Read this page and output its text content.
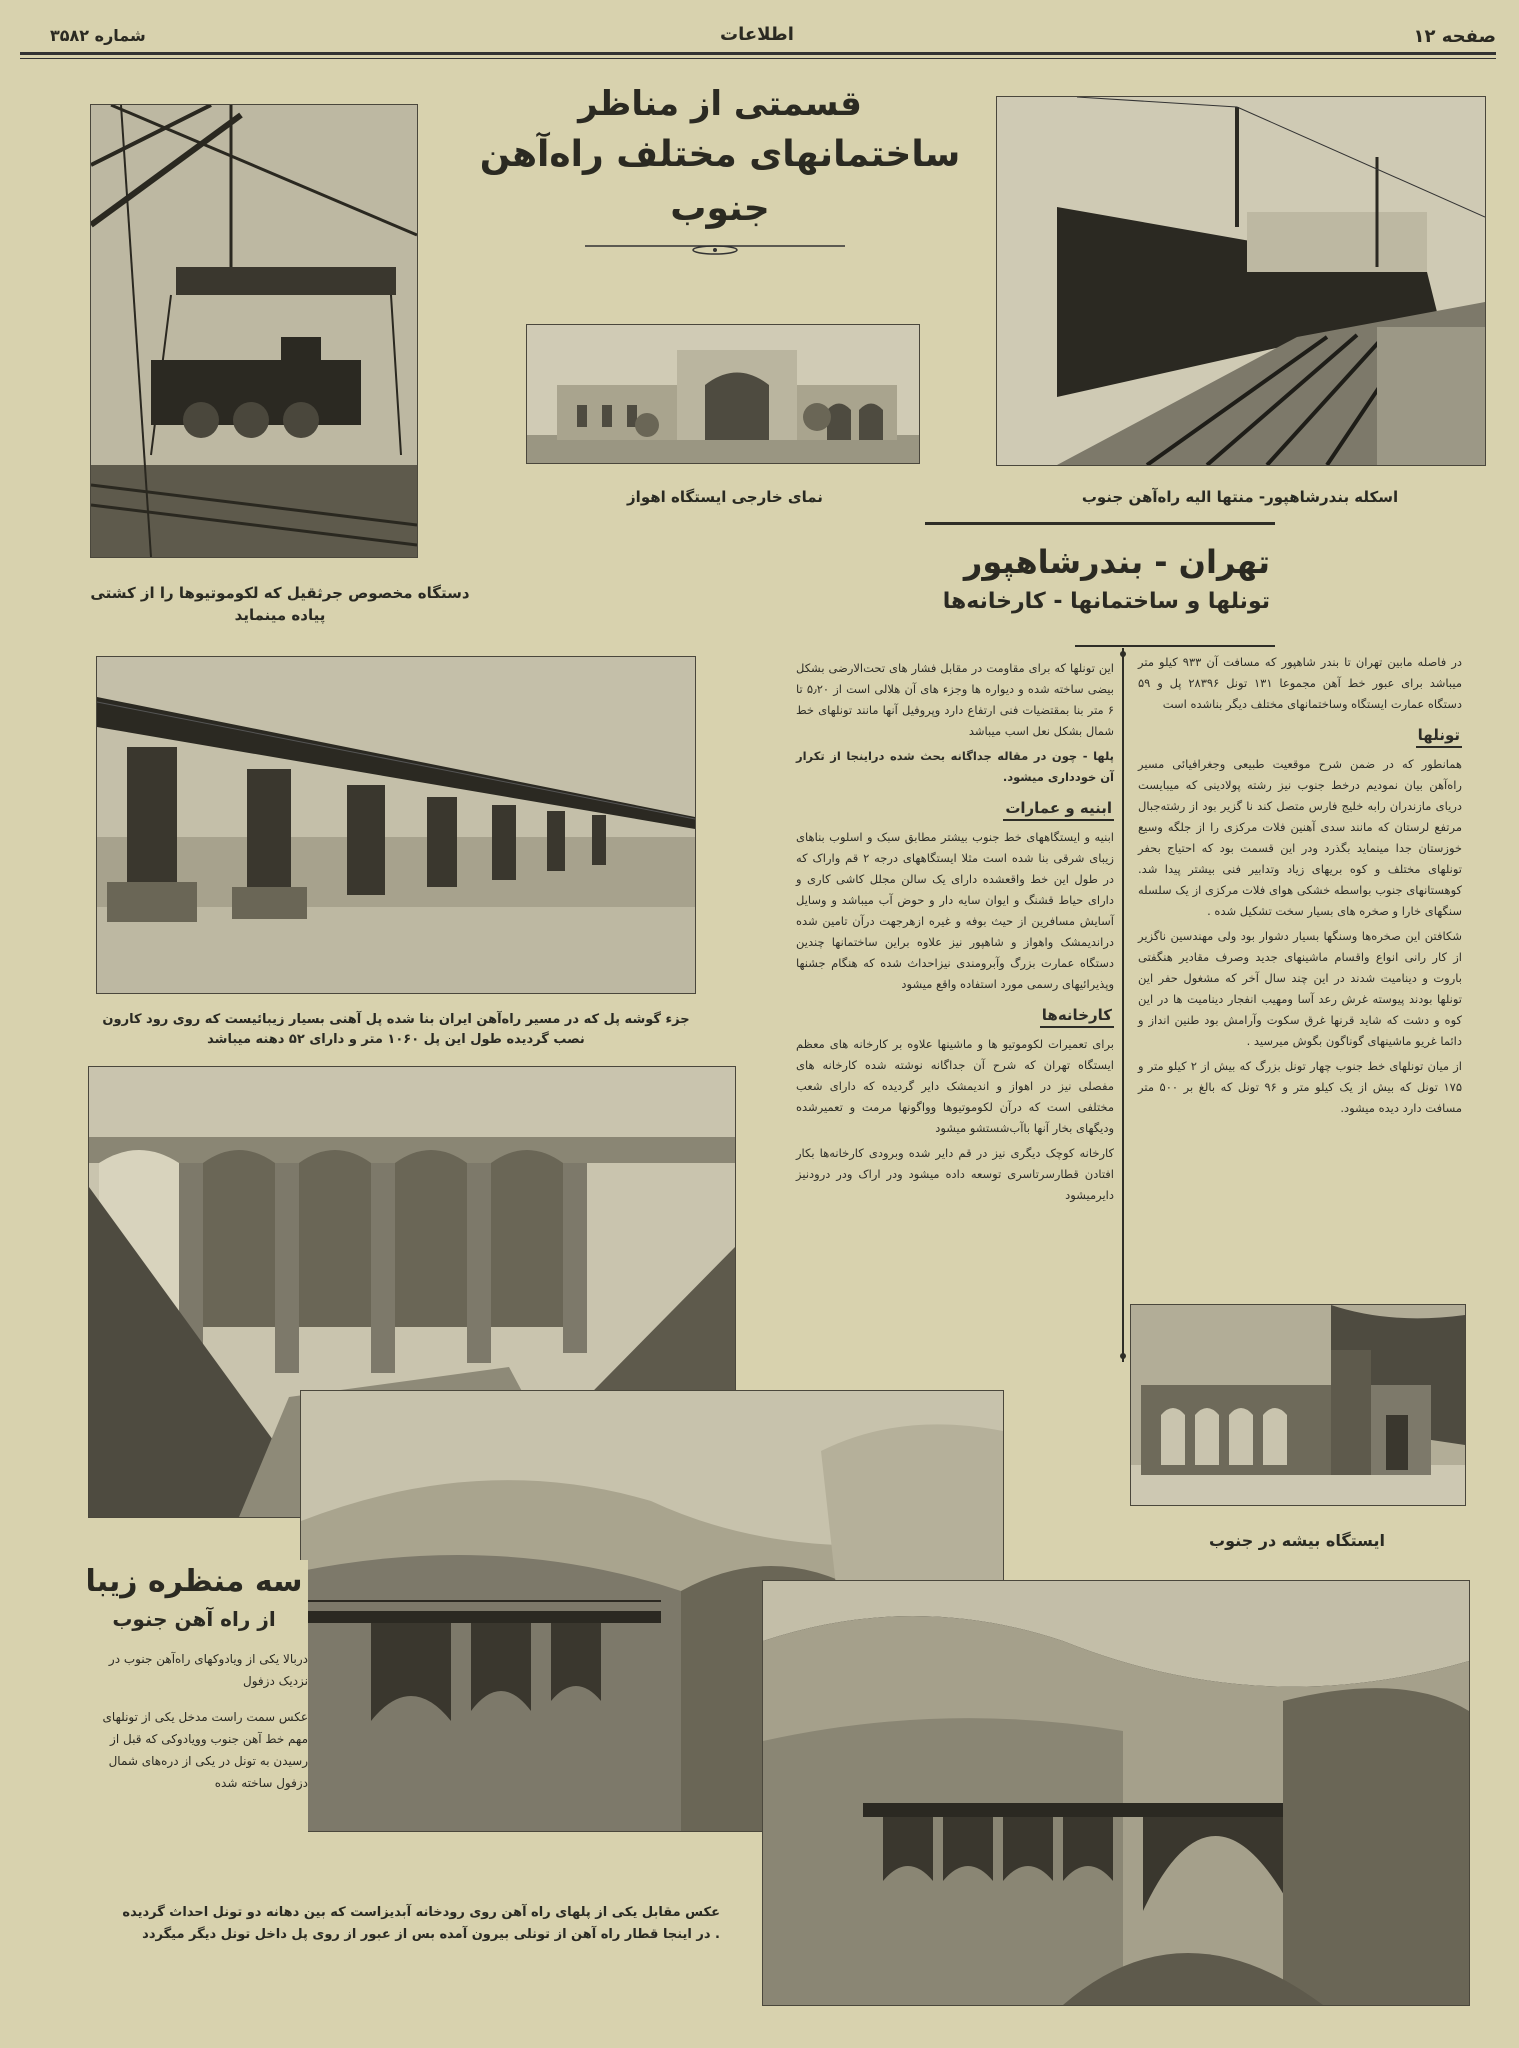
صفحه ۱۲
اطلاعات
شماره ۳۵۸۲
قسمتی از مناظر
ساختمانهای مختلف راه‌آهن جنوب
دستگاه مخصوص جرثقیل که لکوموتیوها را از کشتی پیاده مینماید
نمای خارجی ایستگاه اهواز	اسکله بندرشاهپور- منتها الیه راه‌آهن جنوب
تهران - بندرشاهپور
تونلها و ساختمانها - کارخانه‌ها

در فاصله مابین تهران تا بندر شاهپور که مسافت آن ۹۳۳ کیلو متر میباشد برای عبور خط آهن مجموعا ۱۳۱ تونل ۲۸۳۹۶ پل و ۵۹ دستگاه عمارت ایستگاه وساختمانهای مختلف دیگر بناشده است

تونلها

همانطور که در ضمن شرح موقعیت طبیعی وجغرافیائی مسیر راه‌آهن بیان نمودیم درخط جنوب نیز رشته پولادینی که میبایست دریای مازندران رابه خلیج فارس متصل کند نا گزیر بود از رشته‌جبال مرتفع لرستان که مانند سدی آهنین فلات مرکزی را از جلگه وسیع خوزستان جدا مینماید بگذرد ودر این قسمت بود که احتیاج بحفر تونلهای مختلف و کوه بریهای زیاد وتدابیر فنی بیشتر پیدا شد. کوهستانهای جنوب بواسطه خشکی هوای فلات مرکزی از یک سلسله سنگهای خارا و صخره های بسیار سخت تشکیل شده .

شکافتن این صخره‌ها وسنگها بسیار دشوار بود ولی مهندسین ناگزیر از کار رانی انواع واقسام ماشینهای جدید وصرف مقادیر هنگفتی باروت و دینامیت شدند در این چند سال آخر که مشغول حفر این تونلها بودند پیوسته غرش رعد آسا ومهیب انفجار دینامیت ها در این کوه و دشت که شاید قرنها غرق سکوت وآرامش بود طنین انداز و دائما غریو ماشینهای گوناگون بگوش میرسید .

از میان تونلهای خط جنوب چهار تونل بزرگ که بیش از ۲ کیلو متر و ۱۷۵ تونل که بیش از یک کیلو متر و ۹۶ تونل که بالغ بر ۵۰۰ متر مسافت دارد دیده میشود.

این تونلها که برای مقاومت در مقابل فشار های تحت‌الارضی بشکل بیضی ساخته شده و دیواره ها وجزء های آن هلالی است از ۵٫۲۰ تا ۶ متر بنا بمقتضیات فنی ارتفاع دارد وپروفیل آنها مانند تونلهای خط شمال بشکل نعل اسب میباشد

پلها - چون در مقاله جداگانه بحث شده دراینجا از تکرار آن خودداری میشود.

ابنیه و عمارات

ابنیه و ایستگاههای خط جنوب بیشتر مطابق سبک و اسلوب بناهای زیبای شرقی بنا شده است مثلا ایستگاههای درجه ۲ قم واراک که در طول این خط واقعشده دارای یک سالن مجلل کاشی کاری و دارای حیاط قشنگ و ایوان سایه دار و حوض آب میباشد و وسایل آسایش مسافرین از حیث بوفه و غیره ازهرجهت درآن تامین شده دراندیمشک واهواز و شاهپور نیز علاوه براین ساختمانها چندین دستگاه عمارت بزرگ وآبرومندی نیزاحداث شده که هنگام جشنها وپذیرائیهای رسمی مورد استفاده واقع میشود

کارخانه‌ها

برای تعمیرات لکوموتیو ها و ماشینها علاوه بر کارخانه های معظم ایستگاه تهران که شرح آن جداگانه نوشته شده کارخانه های مفصلی نیز در اهواز و اندیمشک دایر گردیده که دارای شعب مختلفی است که درآن لکوموتیوها وواگونها مرمت و تعمیرشده ودیگهای بخار آنها با‌آب‌شستشو میشود

کارخانه کوچک دیگری نیز در قم دایر شده وبرودی کارخانه‌ها بکار افتادن قطارسرتاسری توسعه داده میشود ودر اراک ودر درودنیز دایرمیشود

جزء گوشه پل که در مسیر راه‌آهن ایران بنا شده پل آهنی بسیار زیبائیست که روی رود کارون نصب گردیده طول این پل ۱۰۶۰ متر و دارای ۵۲ دهنه میباشد
ایستگاه بیشه در جنوب
سه منظره زیبا
از راه آهن جنوب
دربالا یکی از ویادوکهای راه‌آهن جنوب در نزدیک دزفول
عکس سمت راست مدخل یکی از تونلهای مهم خط آهن جنوب وویادوکی که قبل از رسیدن به تونل در یکی از دره‌های شمال دزفول ساخته شده
عکس مقابل یکی از پلهای راه آهن روی رودخانه آبدیزاست که بین دهانه دو تونل احداث گردیده . در اینجا قطار راه آهن از تونلی بیرون آمده بس از عبور از روی پل داخل تونل دیگر میگردد
